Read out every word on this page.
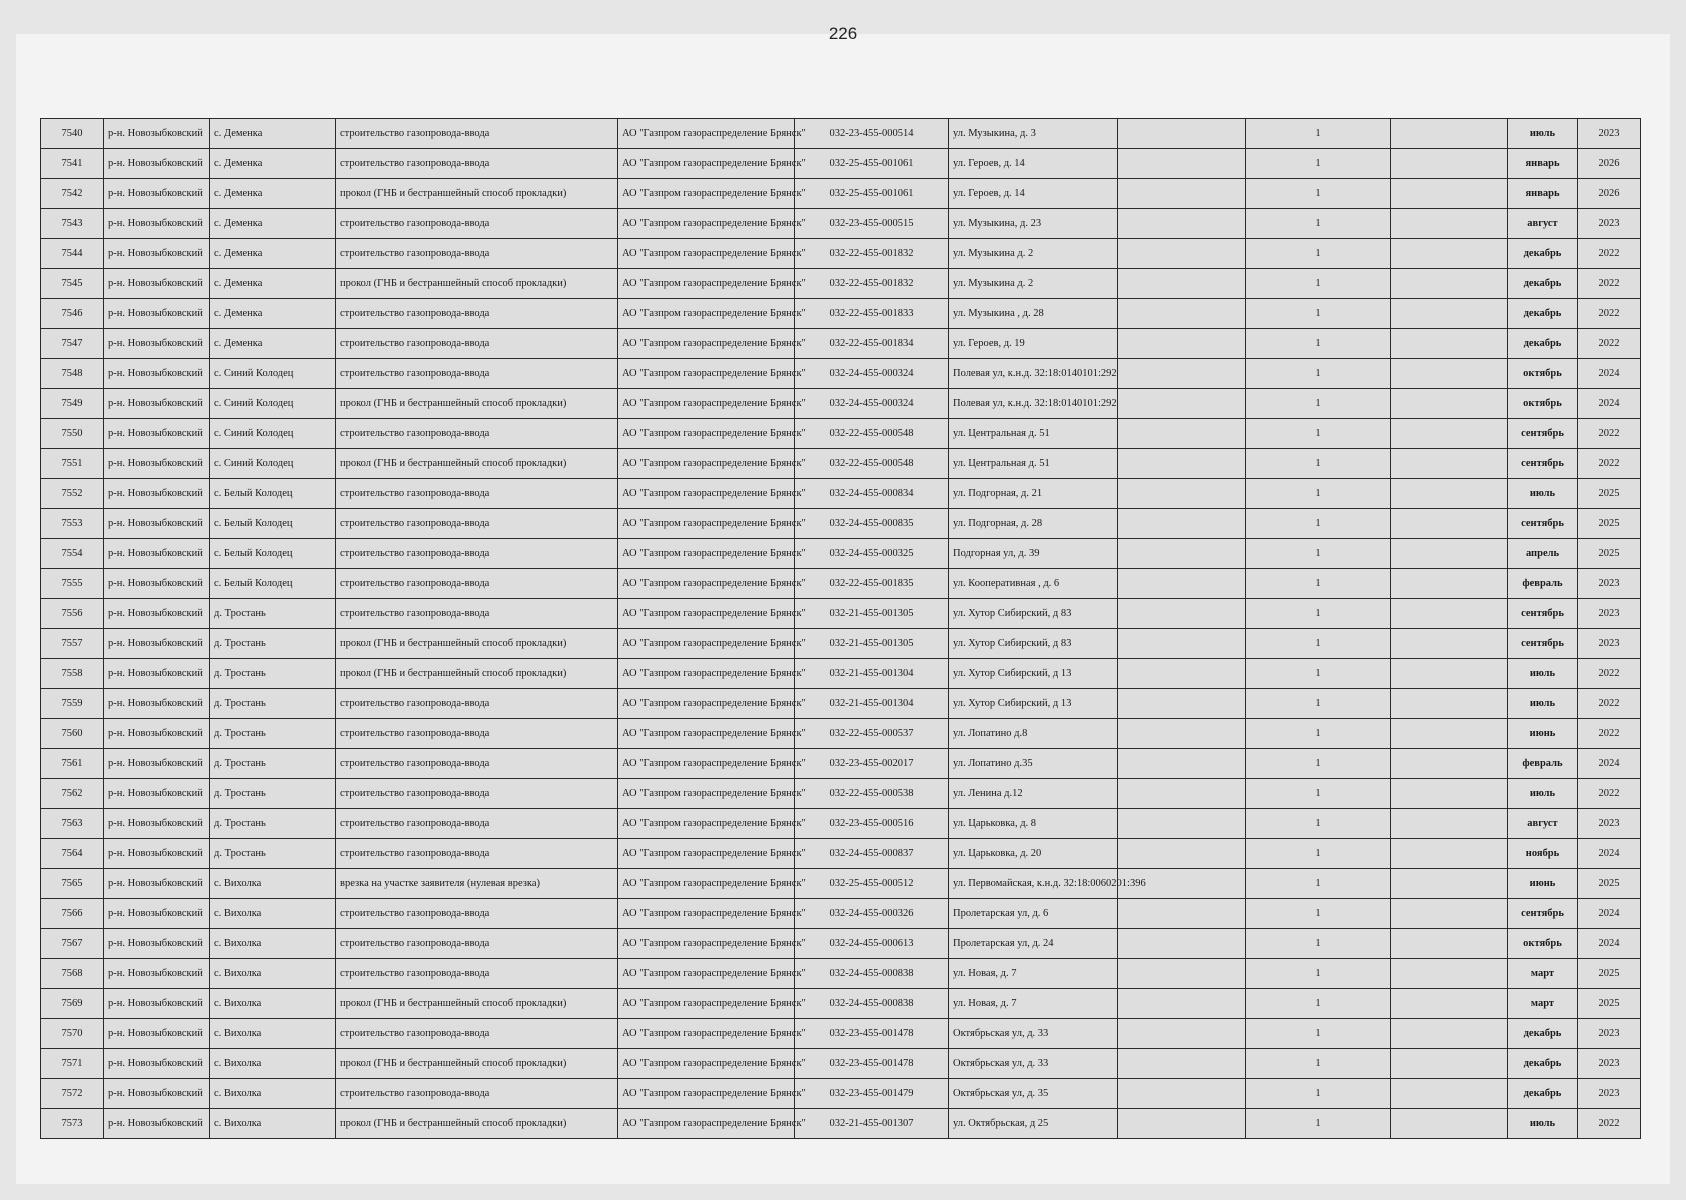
226
7540	р-н. Новозыбковский	с. Деменка	строительство газопровода-ввода	АО "Газпром газораспределение Брянск"	032-23-455-000514	ул. Музыкина, д. 3		1		июль	2023
7541	р-н. Новозыбковский	с. Деменка	строительство газопровода-ввода	АО "Газпром газораспределение Брянск"	032-25-455-001061	ул. Героев, д. 14		1		январь	2026
7542	р-н. Новозыбковский	с. Деменка	прокол (ГНБ и бестраншейный способ прокладки)	АО "Газпром газораспределение Брянск"	032-25-455-001061	ул. Героев, д. 14		1		январь	2026
7543	р-н. Новозыбковский	с. Деменка	строительство газопровода-ввода	АО "Газпром газораспределение Брянск"	032-23-455-000515	ул. Музыкина, д. 23		1		август	2023
7544	р-н. Новозыбковский	с. Деменка	строительство газопровода-ввода	АО "Газпром газораспределение Брянск"	032-22-455-001832	ул. Музыкина д. 2		1		декабрь	2022
7545	р-н. Новозыбковский	с. Деменка	прокол (ГНБ и бестраншейный способ прокладки)	АО "Газпром газораспределение Брянск"	032-22-455-001832	ул. Музыкина д. 2		1		декабрь	2022
7546	р-н. Новозыбковский	с. Деменка	строительство газопровода-ввода	АО "Газпром газораспределение Брянск"	032-22-455-001833	ул. Музыкина , д. 28		1		декабрь	2022
7547	р-н. Новозыбковский	с. Деменка	строительство газопровода-ввода	АО "Газпром газораспределение Брянск"	032-22-455-001834	ул. Героев, д. 19		1		декабрь	2022
7548	р-н. Новозыбковский	с. Синий Колодец	строительство газопровода-ввода	АО "Газпром газораспределение Брянск"	032-24-455-000324	Полевая ул, к.н.д. 32:18:0140101:292		1		октябрь	2024
7549	р-н. Новозыбковский	с. Синий Колодец	прокол (ГНБ и бестраншейный способ прокладки)	АО "Газпром газораспределение Брянск"	032-24-455-000324	Полевая ул, к.н.д. 32:18:0140101:292		1		октябрь	2024
7550	р-н. Новозыбковский	с. Синий Колодец	строительство газопровода-ввода	АО "Газпром газораспределение Брянск"	032-22-455-000548	ул. Центральная д. 51		1		сентябрь	2022
7551	р-н. Новозыбковский	с. Синий Колодец	прокол (ГНБ и бестраншейный способ прокладки)	АО "Газпром газораспределение Брянск"	032-22-455-000548	ул. Центральная д. 51		1		сентябрь	2022
7552	р-н. Новозыбковский	с. Белый Колодец	строительство газопровода-ввода	АО "Газпром газораспределение Брянск"	032-24-455-000834	ул. Подгорная, д. 21		1		июль	2025
7553	р-н. Новозыбковский	с. Белый Колодец	строительство газопровода-ввода	АО "Газпром газораспределение Брянск"	032-24-455-000835	ул. Подгорная, д. 28		1		сентябрь	2025
7554	р-н. Новозыбковский	с. Белый Колодец	строительство газопровода-ввода	АО "Газпром газораспределение Брянск"	032-24-455-000325	Подгорная ул, д. 39		1		апрель	2025
7555	р-н. Новозыбковский	с. Белый Колодец	строительство газопровода-ввода	АО "Газпром газораспределение Брянск"	032-22-455-001835	ул. Кооперативная , д. 6		1		февраль	2023
7556	р-н. Новозыбковский	д. Тростань	строительство газопровода-ввода	АО "Газпром газораспределение Брянск"	032-21-455-001305	ул. Хутор Сибирский, д 83		1		сентябрь	2023
7557	р-н. Новозыбковский	д. Тростань	прокол (ГНБ и бестраншейный способ прокладки)	АО "Газпром газораспределение Брянск"	032-21-455-001305	ул. Хутор Сибирский, д 83		1		сентябрь	2023
7558	р-н. Новозыбковский	д. Тростань	прокол (ГНБ и бестраншейный способ прокладки)	АО "Газпром газораспределение Брянск"	032-21-455-001304	ул. Хутор Сибирский, д 13		1		июль	2022
7559	р-н. Новозыбковский	д. Тростань	строительство газопровода-ввода	АО "Газпром газораспределение Брянск"	032-21-455-001304	ул. Хутор Сибирский, д 13		1		июль	2022
7560	р-н. Новозыбковский	д. Тростань	строительство газопровода-ввода	АО "Газпром газораспределение Брянск"	032-22-455-000537	ул. Лопатино д.8		1		июнь	2022
7561	р-н. Новозыбковский	д. Тростань	строительство газопровода-ввода	АО "Газпром газораспределение Брянск"	032-23-455-002017	ул. Лопатино д.35		1		февраль	2024
7562	р-н. Новозыбковский	д. Тростань	строительство газопровода-ввода	АО "Газпром газораспределение Брянск"	032-22-455-000538	ул. Ленина д.12		1		июль	2022
7563	р-н. Новозыбковский	д. Тростань	строительство газопровода-ввода	АО "Газпром газораспределение Брянск"	032-23-455-000516	ул. Царьковка, д. 8		1		август	2023
7564	р-н. Новозыбковский	д. Тростань	строительство газопровода-ввода	АО "Газпром газораспределение Брянск"	032-24-455-000837	ул. Царьковка, д. 20		1		ноябрь	2024
7565	р-н. Новозыбковский	с. Вихолка	врезка на участке заявителя (нулевая врезка)	АО "Газпром газораспределение Брянск"	032-25-455-000512	ул. Первомайская, к.н.д. 32:18:0060201:396		1		июнь	2025
7566	р-н. Новозыбковский	с. Вихолка	строительство газопровода-ввода	АО "Газпром газораспределение Брянск"	032-24-455-000326	Пролетарская ул, д. 6		1		сентябрь	2024
7567	р-н. Новозыбковский	с. Вихолка	строительство газопровода-ввода	АО "Газпром газораспределение Брянск"	032-24-455-000613	Пролетарская ул, д. 24		1		октябрь	2024
7568	р-н. Новозыбковский	с. Вихолка	строительство газопровода-ввода	АО "Газпром газораспределение Брянск"	032-24-455-000838	ул. Новая, д. 7		1		март	2025
7569	р-н. Новозыбковский	с. Вихолка	прокол (ГНБ и бестраншейный способ прокладки)	АО "Газпром газораспределение Брянск"	032-24-455-000838	ул. Новая, д. 7		1		март	2025
7570	р-н. Новозыбковский	с. Вихолка	строительство газопровода-ввода	АО "Газпром газораспределение Брянск"	032-23-455-001478	Октябрьская ул, д. 33		1		декабрь	2023
7571	р-н. Новозыбковский	с. Вихолка	прокол (ГНБ и бестраншейный способ прокладки)	АО "Газпром газораспределение Брянск"	032-23-455-001478	Октябрьская ул, д. 33		1		декабрь	2023
7572	р-н. Новозыбковский	с. Вихолка	строительство газопровода-ввода	АО "Газпром газораспределение Брянск"	032-23-455-001479	Октябрьская ул, д. 35		1		декабрь	2023
7573	р-н. Новозыбковский	с. Вихолка	прокол (ГНБ и бестраншейный способ прокладки)	АО "Газпром газораспределение Брянск"	032-21-455-001307	ул. Октябрьская, д 25		1		июль	2022
